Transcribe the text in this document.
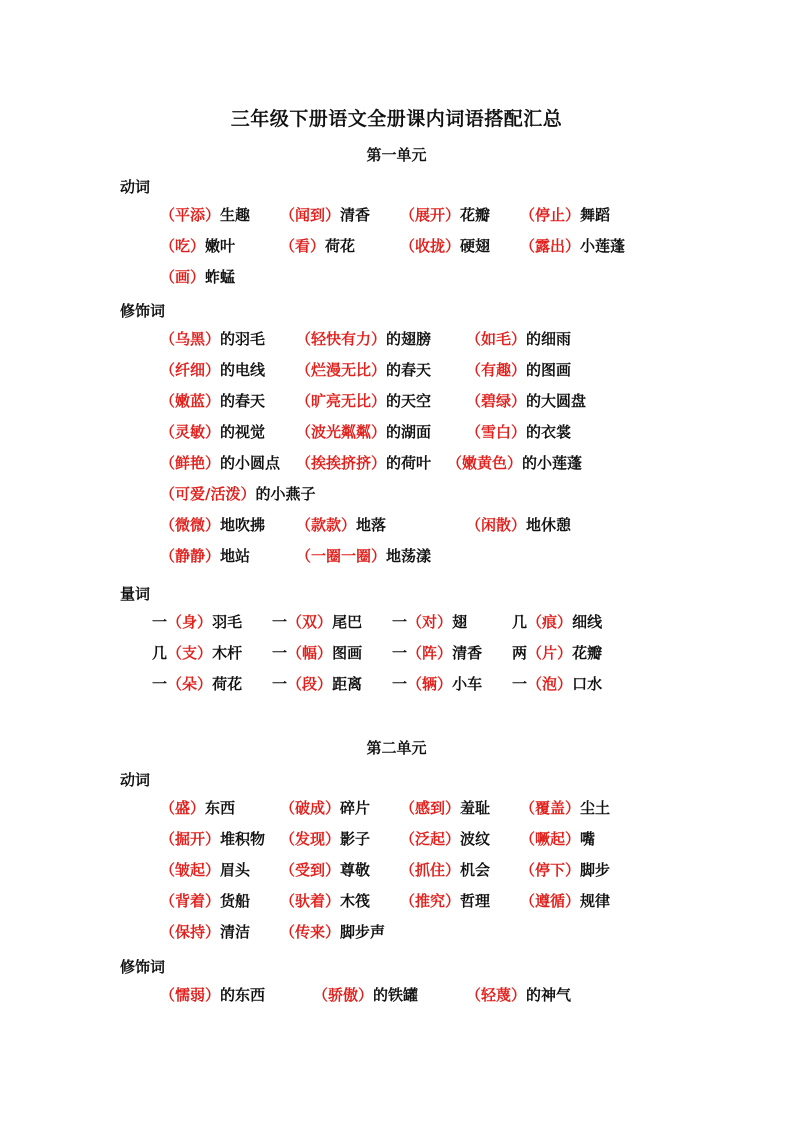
三年级下册语文全册课内词语搭配汇总
第一单元
动词
（平添）生趣 （闻到）清香 （展开）花瓣 （停止）舞蹈
（吃）嫩叶	（看）荷花	（收拢）硬翅 （露出）小莲蓬
（画）蚱蜢
修饰词
（乌黑）的羽毛 （轻快有力）的翅膀 （如毛）的细雨
（纤细）的电线 （烂漫无比）的春天 （有趣）的图画
（嫩蓝）的春天 （旷亮无比）的天空 （碧绿）的大圆盘
（灵敏）的视觉 （波光粼粼）的湖面 （雪白）的衣裳
（鲜艳）的小圆点 （挨挨挤挤）的荷叶 （嫩黄色）的小莲蓬
（可爱/活泼）的小燕子
（微微）地吹拂 （款款）地落	（闲散）地休憩
（静静）地站	（一圈一圈）地荡漾
量词
一（身）羽毛 一（双）尾巴 一（对）翅	几（痕）细线
几（支）木杆 一（幅）图画 一（阵）清香 两（片）花瓣
一（朵）荷花 一（段）距离 一（辆）小车 一（泡）口水
第二单元
动词
（盛）东西	（破成）碎片 （感到）羞耻 （覆盖）尘土
（掘开）堆积物 （发现）影子 （泛起）波纹 （噘起）嘴
（皱起）眉头 （受到）尊敬 （抓住）机会 （停下）脚步
（背着）货船 （驮着）木筏 （推究）哲理 （遵循）规律
（保持）清洁 （传来）脚步声
修饰词
（懦弱）的东西	（骄傲）的铁罐	（轻蔑）的神气
